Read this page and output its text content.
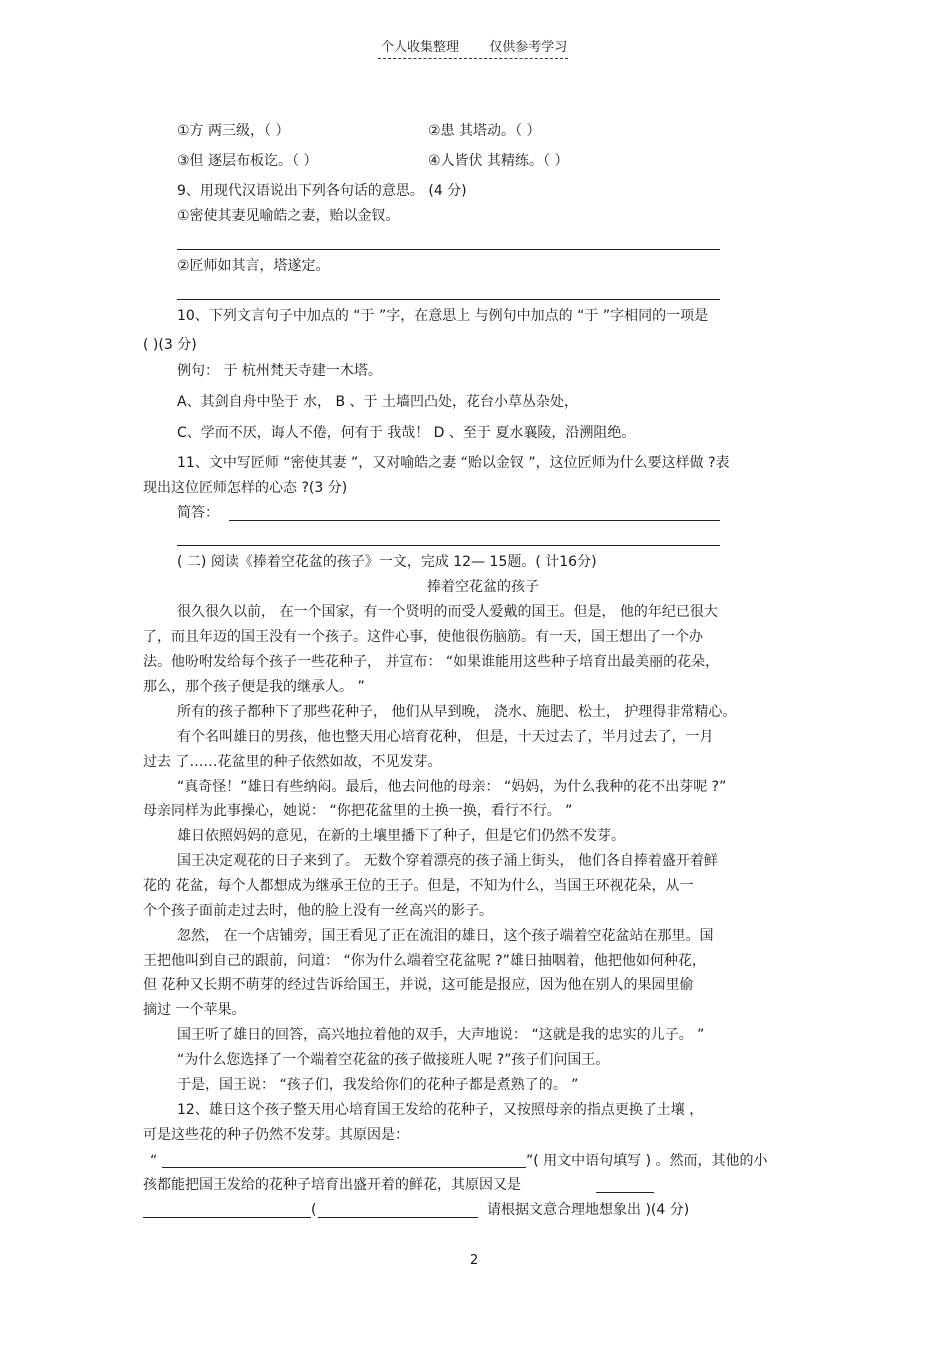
个人收集整理 仅供参考学习
①方 两三级，（ ）	②患 其塔动。（ ）
③但 逐层布板讫。（ ）	④人皆伏 其精练。（ ）
9、用现代汉语说出下列各句话的意思。 (4 分)
①密使其妻见喻皓之妻，贻以金钗。
②匠师如其言，塔遂定。
10、下列文言句子中加点的 “于 ”字，在意思上 与例句中加点的 “于 ”字相同的一项是
( )(3 分)
例句： 于 杭州梵天寺建一木塔。
A、其剑自舟中坠于 水， B 、于 土墙凹凸处，花台小草丛杂处，
C、学而不厌，诲人不倦，何有于 我哉！ D 、至于 夏水襄陵，沿溯阻绝。
11、文中写匠师 “密使其妻 ”，又对喻皓之妻 “贻以金钗 ”，这位匠师为什么要这样做 ?表
现出这位匠师怎样的心态 ?(3 分)
简答：
( 二) 阅读《捧着空花盆的孩子》一文，完成 12— 15题。( 计16分)
捧着空花盆的孩子
很久很久以前， 在一个国家，有一个贤明的而受人爱戴的国王。但是， 他的年纪已很大
了，而且年迈的国王没有一个孩子。这件心事，使他很伤脑筋。有一天，国王想出了一个办
法。他吩咐发给每个孩子一些花种子， 并宣布： “如果谁能用这些种子培育出最美丽的花朵，
那么，那个孩子便是我的继承人。 ”
所有的孩子都种下了那些花种子， 他们从早到晚， 浇水、施肥、松土， 护理得非常精心。
有个名叫雄日的男孩，他也整天用心培育花种， 但是，十天过去了，半月过去了，一月
过去 了……花盆里的种子依然如故，不见发芽。
“真奇怪！”雄日有些纳闷。最后，他去问他的母亲： “妈妈，为什么我种的花不出芽呢 ?”
母亲同样为此事操心，她说： “你把花盆里的土换一换，看行不行。 ”
雄日依照妈妈的意见，在新的土壤里播下了种子，但是它们仍然不发芽。
国王决定观花的日子来到了。 无数个穿着漂亮的孩子涌上街头， 他们各自捧着盛开着鲜
花的 花盆，每个人都想成为继承王位的王子。但是，不知为什么，当国王环视花朵，从一
个个孩子面前走过去时，他的脸上没有一丝高兴的影子。
忽然， 在一个店铺旁，国王看见了正在流泪的雄日，这个孩子端着空花盆站在那里。国
王把他叫到自己的跟前，问道： “你为什么端着空花盆呢 ?”雄日抽咽着，他把他如何种花，
但 花种又长期不萌芽的经过告诉给国王，并说，这可能是报应，因为他在别人的果园里偷
摘过 一个苹果。
国王听了雄日的回答，高兴地拉着他的双手，大声地说： “这就是我的忠实的儿子。 ”
“为什么您选择了一个端着空花盆的孩子做接班人呢 ?”孩子们问国王。
于是，国王说： “孩子们，我发给你们的花种子都是煮熟了的。 ”
12、雄日这个孩子整天用心培育国王发给的花种子，又按照母亲的指点更换了土壤 ，
可是这些花的种子仍然不发芽。其原因是：
“	”( 用文中语句填写 ) 。然而，其他的小
孩都能把国王发给的花种子培育出盛开着的鲜花，其原因又是
(	请根据文意合理地想象出 )(4 分)
2
